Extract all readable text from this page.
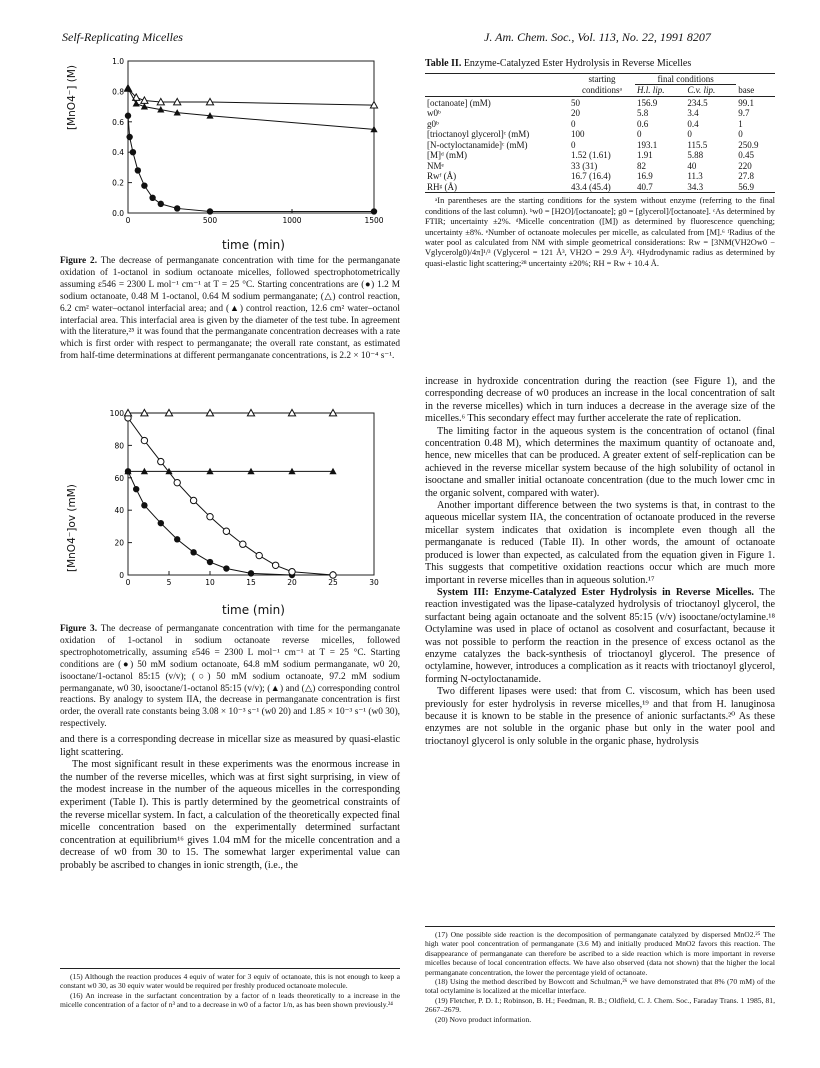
Self-Replicating Micelles	J. Am. Chem. Soc., Vol. 113, No. 22, 1991 8207
[MnO4⁻] (M)
0.0
0.2
0.4
0.6
0.8
1.0
0	500	1000	1500
time (min)
Figure 2. The decrease of permanganate concentration with time for the permanganate oxidation of 1-octanol in sodium octanoate micelles, followed spectrophotometrically assuming ε546 = 2300 L mol⁻¹ cm⁻¹ at T = 25 °C. Starting concentrations are (●) 1.2 M sodium octanoate, 0.48 M 1-octanol, 0.64 M sodium permanganate; (△) control reaction, 6.2 cm² water–octanol interfacial area; and (▲) control reaction, 12.6 cm² water–octanol interfacial area. This interfacial area is given by the diameter of the test tube. In agreement with the literature,²⁵ it was found that the permanganate concentration decreases with a rate which is first order with respect to permanganate; the overall rate constant, as estimated from half-time determinations at different permanganate concentrations, is 2.2 × 10⁻⁴ s⁻¹.
[MnO4⁻]ov (mM)
0
20
40
60
80
100
0	5	10	15	20	25	30
time (min)
Figure 3. The decrease of permanganate concentration with time for the permanganate oxidation of 1-octanol in sodium octanoate reverse micelles, followed spectrophotometrically, assuming ε546 = 2300 L mol⁻¹ cm⁻¹ at T = 25 °C. Starting conditions are (●) 50 mM sodium octanoate, 64.8 mM sodium permanganate, w0 20, isooctane/1-octanol 85:15 (v/v); (○) 50 mM sodium octanoate, 97.2 mM sodium permanganate, w0 30, isooctane/1-octanol 85:15 (v/v); (▲) and (△) corresponding control reactions. By analogy to system IIA, the decrease in permanganate concentration is first order, the overall rate constants being 3.08 × 10⁻³ s⁻¹ (w0 20) and 1.85 × 10⁻³ s⁻¹ (w0 30), respectively.

and there is a corresponding decrease in micellar size as measured by quasi-elastic light scattering.

The most significant result in these experiments was the enormous increase in the number of the reverse micelles, which was at first sight surprising, in view of the modest increase in the number of the aqueous micelles in the corresponding experiment (Table I). This is partly determined by the geometrical constraints of the reverse micellar system. In fact, a calculation of the theoretically expected final micelle concentration based on the experimentally determined surfactant concentration at equilibrium¹⁶ gives 1.04 mM for the micelle concentration and a decrease of w0 from 30 to 15. The somewhat larger experimental value can probably be ascribed to changes in ionic strength, (i.e., the

(15) Although the reaction produces 4 equiv of water for 3 equiv of octanoate, this is not enough to keep a constant w0 30, as 30 equiv water would be required per freshly produced octanoate molecule.

(16) An increase in the surfactant concentration by a factor of n leads theoretically to a increase in the micelle concentration of a factor of n³ and to a decrease in w0 of a factor 1/n, as has been shown previously.²⁴

Table II. Enzyme-Catalyzed Ester Hydrolysis in Reverse Micelles
	starting conditionsᵃ	final conditions		
		H.l. lip.	C.v. lip.	base

[octanoate] (mM)	50	156.9	234.5	99.1
w0ᵇ	20	5.8	3.4	9.7
g0ᵇ	0	0.6	0.4	1
[trioctanoyl glycerol]ᶜ (mM)	100	0	0	0
[N-octyloctanamide]ᶜ (mM)	0	193.1	115.5	250.9
[M]ᵈ (mM)	1.52 (1.61)	1.91	5.88	0.45
NMᵉ	33 (31)	82	40	220
Rwᶠ (Å)	16.7 (16.4)	16.9	11.3	27.8
RHᵍ (Å)	43.4 (45.4)	40.7	34.3	56.9

ᵃIn parentheses are the starting conditions for the system without enzyme (referring to the final conditions of the last column). ᵇw0 = [H2O]/[octanoate]; g0 = [glycerol]/[octanoate]. ᶜAs determined by FTIR; uncertainty ±2%. ᵈMicelle concentration ([M]) as determined by fluorescence quenching; uncertainty ±8%. ᵉNumber of octanoate molecules per micelle, as calculated from [M].⁶ ᶠRadius of the water pool as calculated from NM with simple geometrical considerations: Rw = [3NM(VH2Ow0 − Vglycerolg0)/4π]¹/³ (Vglycerol = 121 Å³, VH2O = 29.9 Å³). ᵍHydrodynamic radius as determined by quasi-elastic light scattering;²⁸ uncertainty ±20%; RH = Rw + 10.4 Å.

increase in hydroxide concentration during the reaction (see Figure 1), and the corresponding decrease of w0 produces an increase in the local concentration of salt in the reverse micelles) which in turn induces a decrease in the average size of the micelles.⁶ This secondary effect may further accelerate the rate of replication.

The limiting factor in the aqueous system is the concentration of octanol (final concentration 0.48 M), which determines the maximum quantity of octanoate and, hence, new micelles that can be produced. A greater extent of self-replication can be achieved in the reverse micellar system because of the high solubility of octanol in isooctane and smaller initial octanoate concentration (due to the much lower cmc in the organic solvent, compared with water).

Another important difference between the two systems is that, in contrast to the aqueous micellar system IIA, the concentration of octanoate produced in the reverse micellar system indicates that oxidation is incomplete even though all the permanganate is reduced (Table II). In other words, the amount of octanoate produced is lower than expected, as calculated from the equation given in Figure 1. This suggests that competitive oxidation reactions occur which are much more important in reverse micelles than in aqueous solution.¹⁷

System III: Enzyme-Catalyzed Ester Hydrolysis in Reverse Micelles. The reaction investigated was the lipase-catalyzed hydrolysis of trioctanoyl glycerol, the surfactant being again octanoate and the solvent 85:15 (v/v) isooctane/octylamine.¹⁸ Octylamine was used in place of octanol as cosolvent and cosurfactant, because it was not possible to perform the reaction in the presence of excess octanol as the enzyme catalyzes the back-synthesis of trioctanoyl glycerol. The presence of octylamine, however, introduces a complication as it reacts with trioctanoyl glycerol, forming N-octyloctanamide.

Two different lipases were used: that from C. viscosum, which has been used previously for ester hydrolysis in reverse micelles,¹⁹ and that from H. lanuginosa because it is known to be stable in the presence of anionic surfactants.²⁰ As these enzymes are not soluble in the organic phase but only in the water pool and trioctanoyl glycerol is only soluble in the organic phase, hydrolysis

(17) One possible side reaction is the decomposition of permanganate catalyzed by dispersed MnO2.²⁵ The high water pool concentration of permanganate (3.6 M) and initially produced MnO2 favors this reaction. The disappearance of permanganate can therefore be ascribed to a side reaction which is more important in reverse micelles because of local concentration effects. We have also observed (data not shown) that the higher the local permanganate concentration, the lower the percentage yield of octanoate.

(18) Using the method described by Bowcott and Schulman,²⁶ we have demonstrated that 8% (70 mM) of the total octylamine is localized at the micellar interface.

(19) Fletcher, P. D. I.; Robinson, B. H.; Feedman, R. B.; Oldfield, C. J. Chem. Soc., Faraday Trans. 1 1985, 81, 2667–2679.

(20) Novo product information.
